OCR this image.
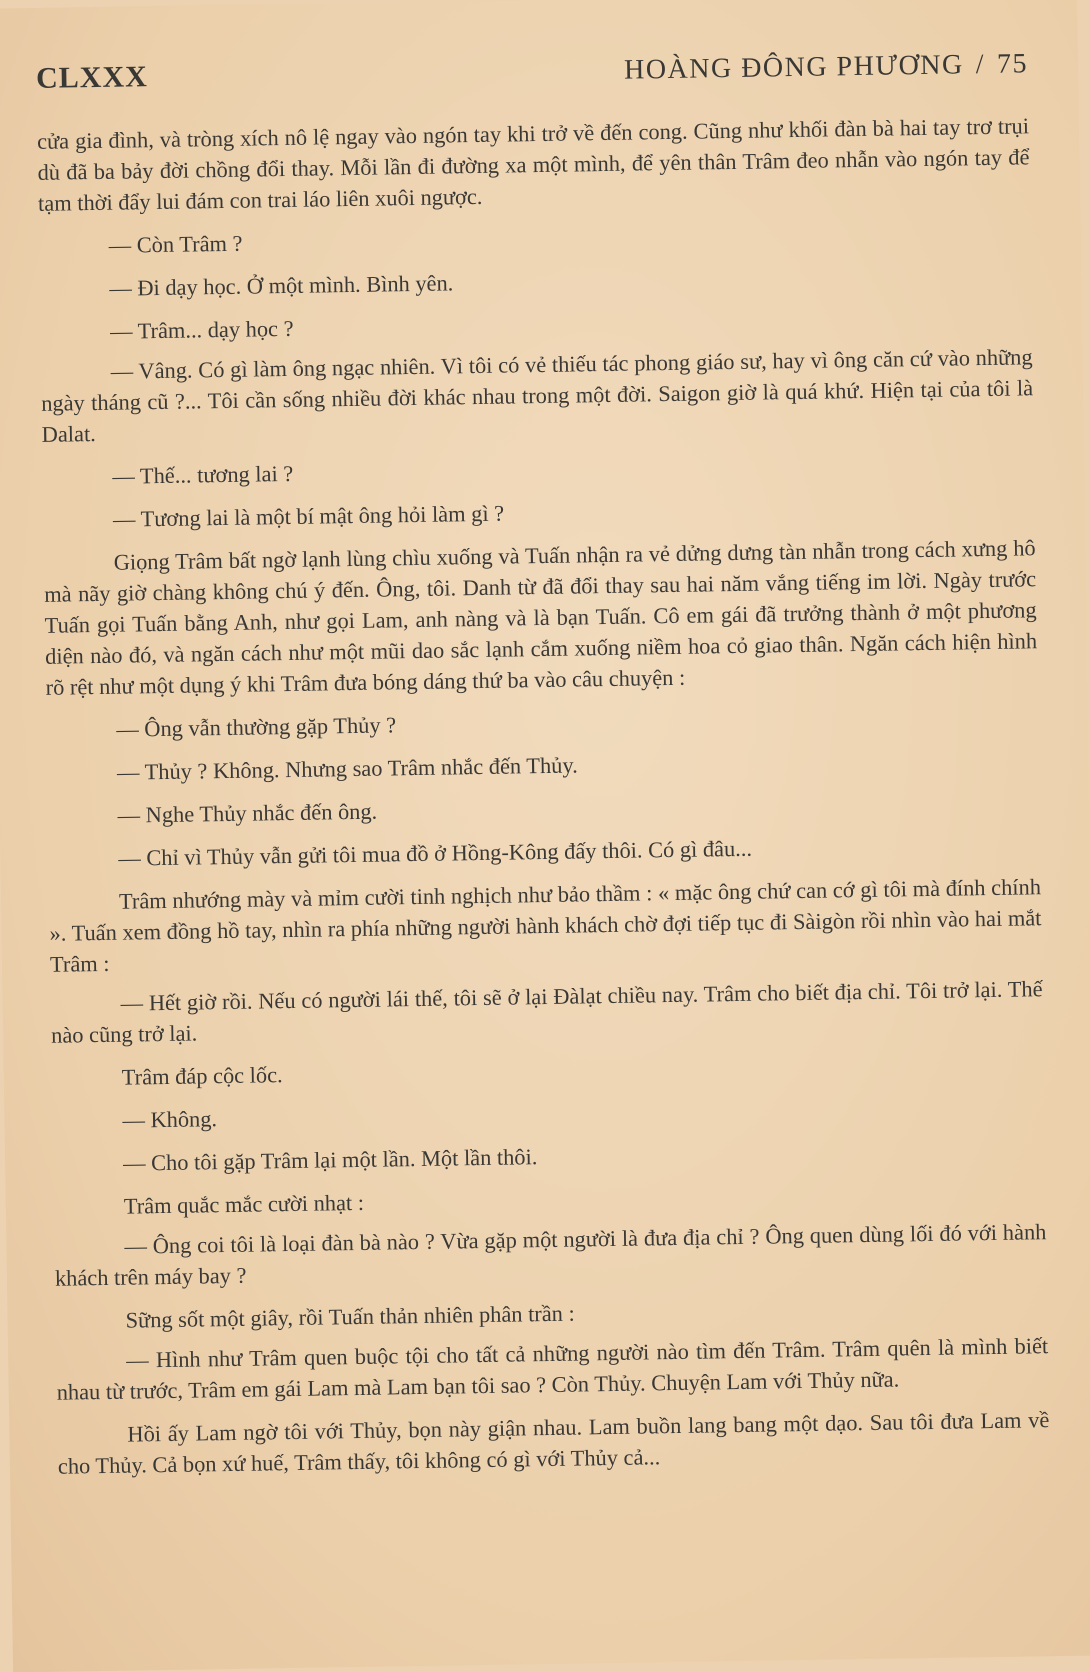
CLXXX	HOÀNG ĐÔNG PHƯƠNG / 75

cửa gia đình, và tròng xích nô lệ ngay vào ngón tay khi trở về đến cong. Cũng như khối đàn bà hai tay trơ trụi dù đã ba bảy đời chồng đổi thay. Mỗi lần đi đường xa một mình, để yên thân Trâm đeo nhẫn vào ngón tay để tạm thời đẩy lui đám con trai láo liên xuôi ngược.

— Còn Trâm ?

— Đi dạy học. Ở một mình. Bình yên.

— Trâm... dạy học ?

— Vâng. Có gì làm ông ngạc nhiên. Vì tôi có vẻ thiếu tác phong giáo sư, hay vì ông căn cứ vào những ngày tháng cũ ?... Tôi cần sống nhiều đời khác nhau trong một đời. Saigon giờ là quá khứ. Hiện tại của tôi là Dalat.

— Thế... tương lai ?

— Tương lai là một bí mật ông hỏi làm gì ?

Giọng Trâm bất ngờ lạnh lùng chìu xuống và Tuấn nhận ra vẻ dửng dưng tàn nhẫn trong cách xưng hô mà nãy giờ chàng không chú ý đến. Ông, tôi. Danh từ đã đổi thay sau hai năm vắng tiếng im lời. Ngày trước Tuấn gọi Tuấn bằng Anh, như gọi Lam, anh nàng và là bạn Tuấn. Cô em gái đã trưởng thành ở một phương diện nào đó, và ngăn cách như một mũi dao sắc lạnh cắm xuống niềm hoa cỏ giao thân. Ngăn cách hiện hình rõ rệt như một dụng ý khi Trâm đưa bóng dáng thứ ba vào câu chuyện :

— Ông vẫn thường gặp Thủy ?

— Thủy ? Không. Nhưng sao Trâm nhắc đến Thủy.

— Nghe Thủy nhắc đến ông.

— Chỉ vì Thủy vẫn gửi tôi mua đồ ở Hồng-Kông đấy thôi. Có gì đâu...

Trâm nhướng mày và mỉm cười tinh nghịch như bảo thầm : « mặc ông chứ can cớ gì tôi mà đính chính ». Tuấn xem đồng hồ tay, nhìn ra phía những người hành khách chờ đợi tiếp tục đi Sàigòn rồi nhìn vào hai mắt Trâm :

— Hết giờ rồi. Nếu có người lái thế, tôi sẽ ở lại Đàlạt chiều nay. Trâm cho biết địa chỉ. Tôi trở lại. Thế nào cũng trở lại.

Trâm đáp cộc lốc.

— Không.

— Cho tôi gặp Trâm lại một lần. Một lần thôi.

Trâm quắc mắc cười nhạt :

— Ông coi tôi là loại đàn bà nào ? Vừa gặp một người là đưa địa chỉ ? Ông quen dùng lối đó với hành khách trên máy bay ?

Sững sốt một giây, rồi Tuấn thản nhiên phân trần :

— Hình như Trâm quen buộc tội cho tất cả những người nào tìm đến Trâm. Trâm quên là mình biết nhau từ trước, Trâm em gái Lam mà Lam bạn tôi sao ? Còn Thủy. Chuyện Lam với Thủy nữa.

Hồi ấy Lam ngờ tôi với Thủy, bọn này giận nhau. Lam buồn lang bang một dạo. Sau tôi đưa Lam về cho Thủy. Cả bọn xứ huế, Trâm thấy, tôi không có gì với Thủy cả...
